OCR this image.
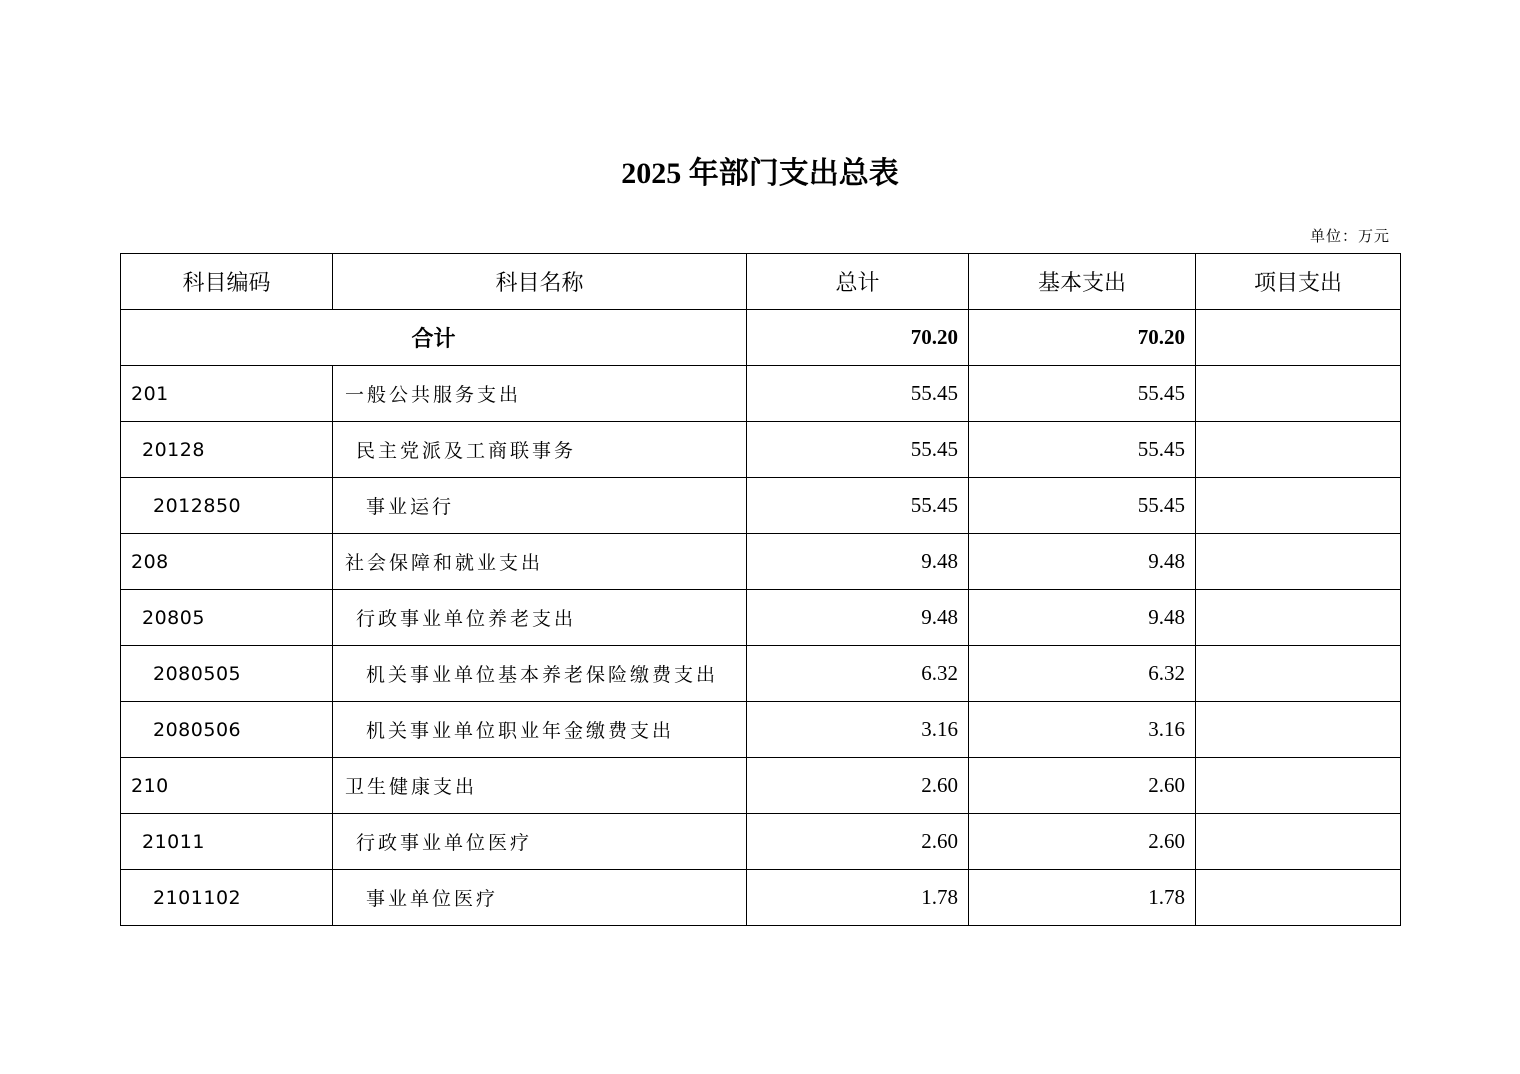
2025 年部门支出总表
单位：万元
科目编码	科目名称	总计	基本支出	项目支出
合计		70.20	70.20	
201	一般公共服务支出	55.45	55.45	
20128	民主党派及工商联事务	55.45	55.45	
2012850	事业运行	55.45	55.45	
208	社会保障和就业支出	9.48	9.48	
20805	行政事业单位养老支出	9.48	9.48	
2080505	机关事业单位基本养老保险缴费支出	6.32	6.32	
2080506	机关事业单位职业年金缴费支出	3.16	3.16	
210	卫生健康支出	2.60	2.60	
21011	行政事业单位医疗	2.60	2.60	
2101102	事业单位医疗	1.78	1.78	
